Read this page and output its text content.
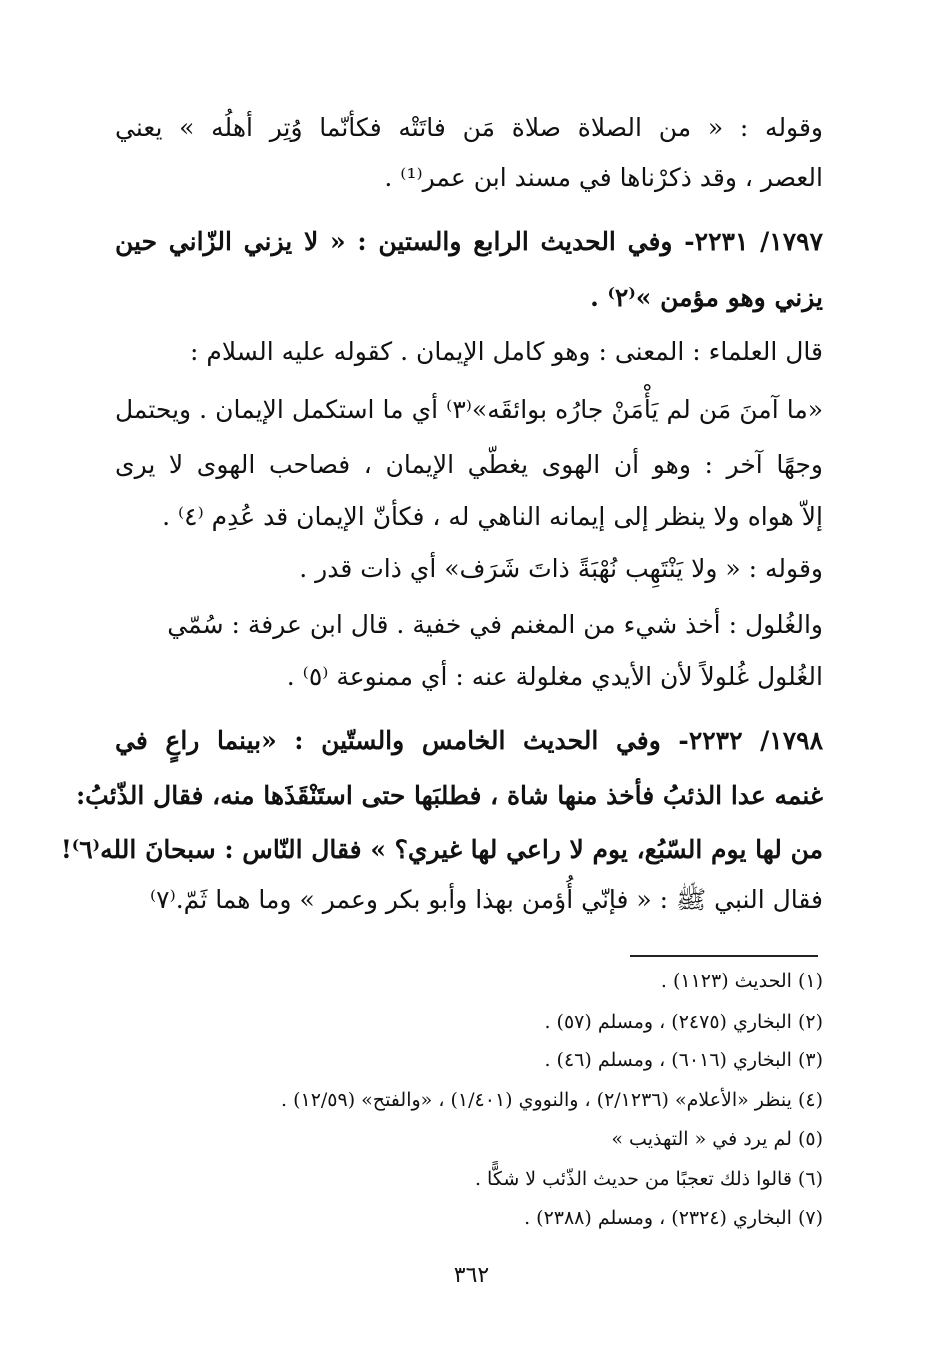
وقوله : « من الصلاة صلاة مَن فاتَتْه فكأنّما وُتِر أهلُه » يعني
العصر ، وقد ذكرْناها في مسند ابن عمر⁽¹⁾ .
١٧٩٧/ ٢٢٣١- وفي الحديث الرابع والستين : « لا يزني الزّاني حين
يزني وهو مؤمن »⁽٢⁾ .
قال العلماء : المعنى : وهو كامل الإيمان . كقوله عليه السلام :
«ما آمنَ مَن لم يَأْمَنْ جارُه بوائقَه»⁽٣⁾ أي ما استكمل الإيمان . ويحتمل
وجهًا آخر : وهو أن الهوى يغطّي الإيمان ، فصاحب الهوى لا يرى
إلاّ هواه ولا ينظر إلى إيمانه الناهي له ، فكأنّ الإيمان قد عُدِم ⁽٤⁾ .
وقوله : « ولا يَنْتَهِب نُهْبَةً ذاتَ شَرَف» أي ذات قدر .
والغُلول : أخذ شيء من المغنم في خفية . قال ابن عرفة : سُمّي
الغُلول غُلولاً لأن الأيدي مغلولة عنه : أي ممنوعة ⁽٥⁾ .
١٧٩٨/ ٢٢٣٢- وفي الحديث الخامس والستّين : «بينما راعٍ في
غنمه عدا الذئبُ فأخذ منها شاة ، فطلبَها حتى استَنْقَذَها منه، فقال الذّئبُ:
من لها يوم السّبُع، يوم لا راعي لها غيري؟ » فقال النّاس : سبحانَ الله⁽٦⁾!
فقال النبي ﷺ : « فإنّي أُؤمن بهذا وأبو بكر وعمر » وما هما ثَمّ.⁽٧⁾
(١) الحديث (١١٢٣) .
(٢) البخاري (٢٤٧٥) ، ومسلم (٥٧) .
(٣) البخاري (٦٠١٦) ، ومسلم (٤٦) .
(٤) ينظر «الأعلام» (٢/١٢٣٦) ، والنووي (١/٤٠١) ، «والفتح» (١٢/٥٩) .
(٥) لم يرد في « التهذيب »
(٦) قالوا ذلك تعجبًا من حديث الذّئب لا شكًّا .
(٧) البخاري (٢٣٢٤) ، ومسلم (٢٣٨٨) .
٣٦٢
